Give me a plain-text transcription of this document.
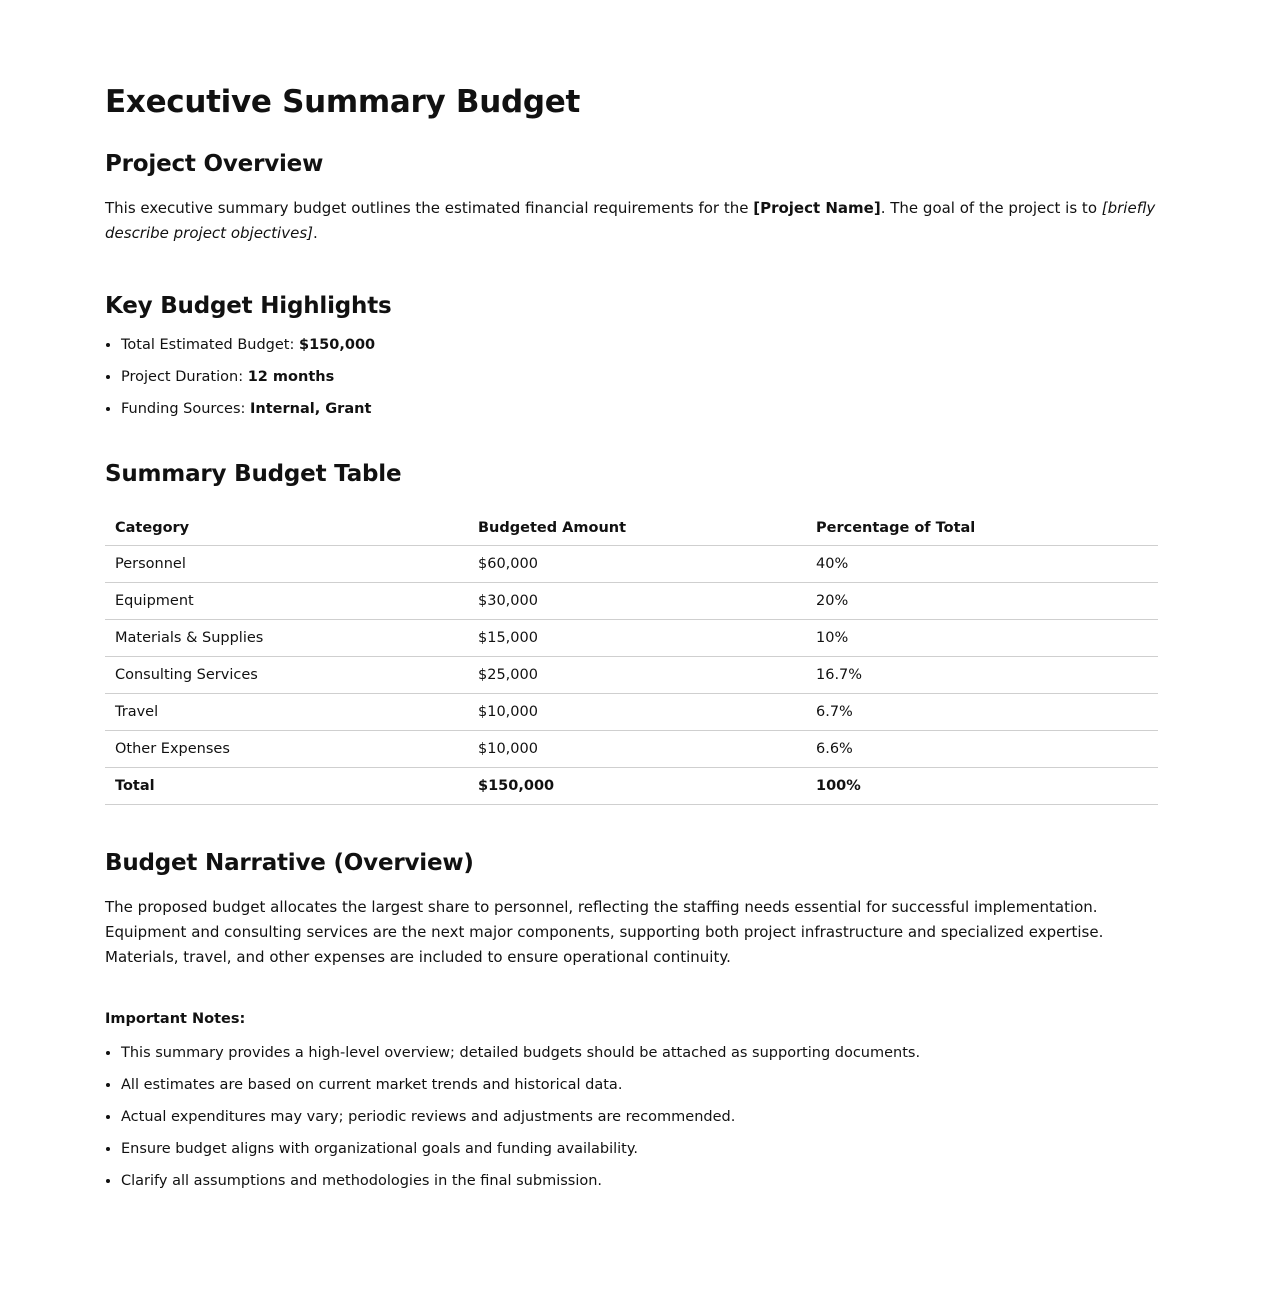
Executive Summary Budget
Project Overview

This executive summary budget outlines the estimated financial requirements for the [Project Name]. The goal of the project is to [briefly describe project objectives].

Key Budget Highlights
• Total Estimated Budget: $150,000
• Project Duration: 12 months
• Funding Sources: Internal, Grant
Summary Budget Table
Category	Budgeted Amount	Percentage of Total
Personnel	$60,000	40%
Equipment	$30,000	20%
Materials & Supplies	$15,000	10%
Consulting Services	$25,000	16.7%
Travel	$10,000	6.7%
Other Expenses	$10,000	6.6%
Total	$150,000	100%
Budget Narrative (Overview)

The proposed budget allocates the largest share to personnel, reflecting the staffing needs essential for successful implementation. Equipment and consulting services are the next major components, supporting both project infrastructure and specialized expertise. Materials, travel, and other expenses are included to ensure operational continuity.

Important Notes:

• This summary provides a high-level overview; detailed budgets should be attached as supporting documents.
• All estimates are based on current market trends and historical data.
• Actual expenditures may vary; periodic reviews and adjustments are recommended.
• Ensure budget aligns with organizational goals and funding availability.
• Clarify all assumptions and methodologies in the final submission.
